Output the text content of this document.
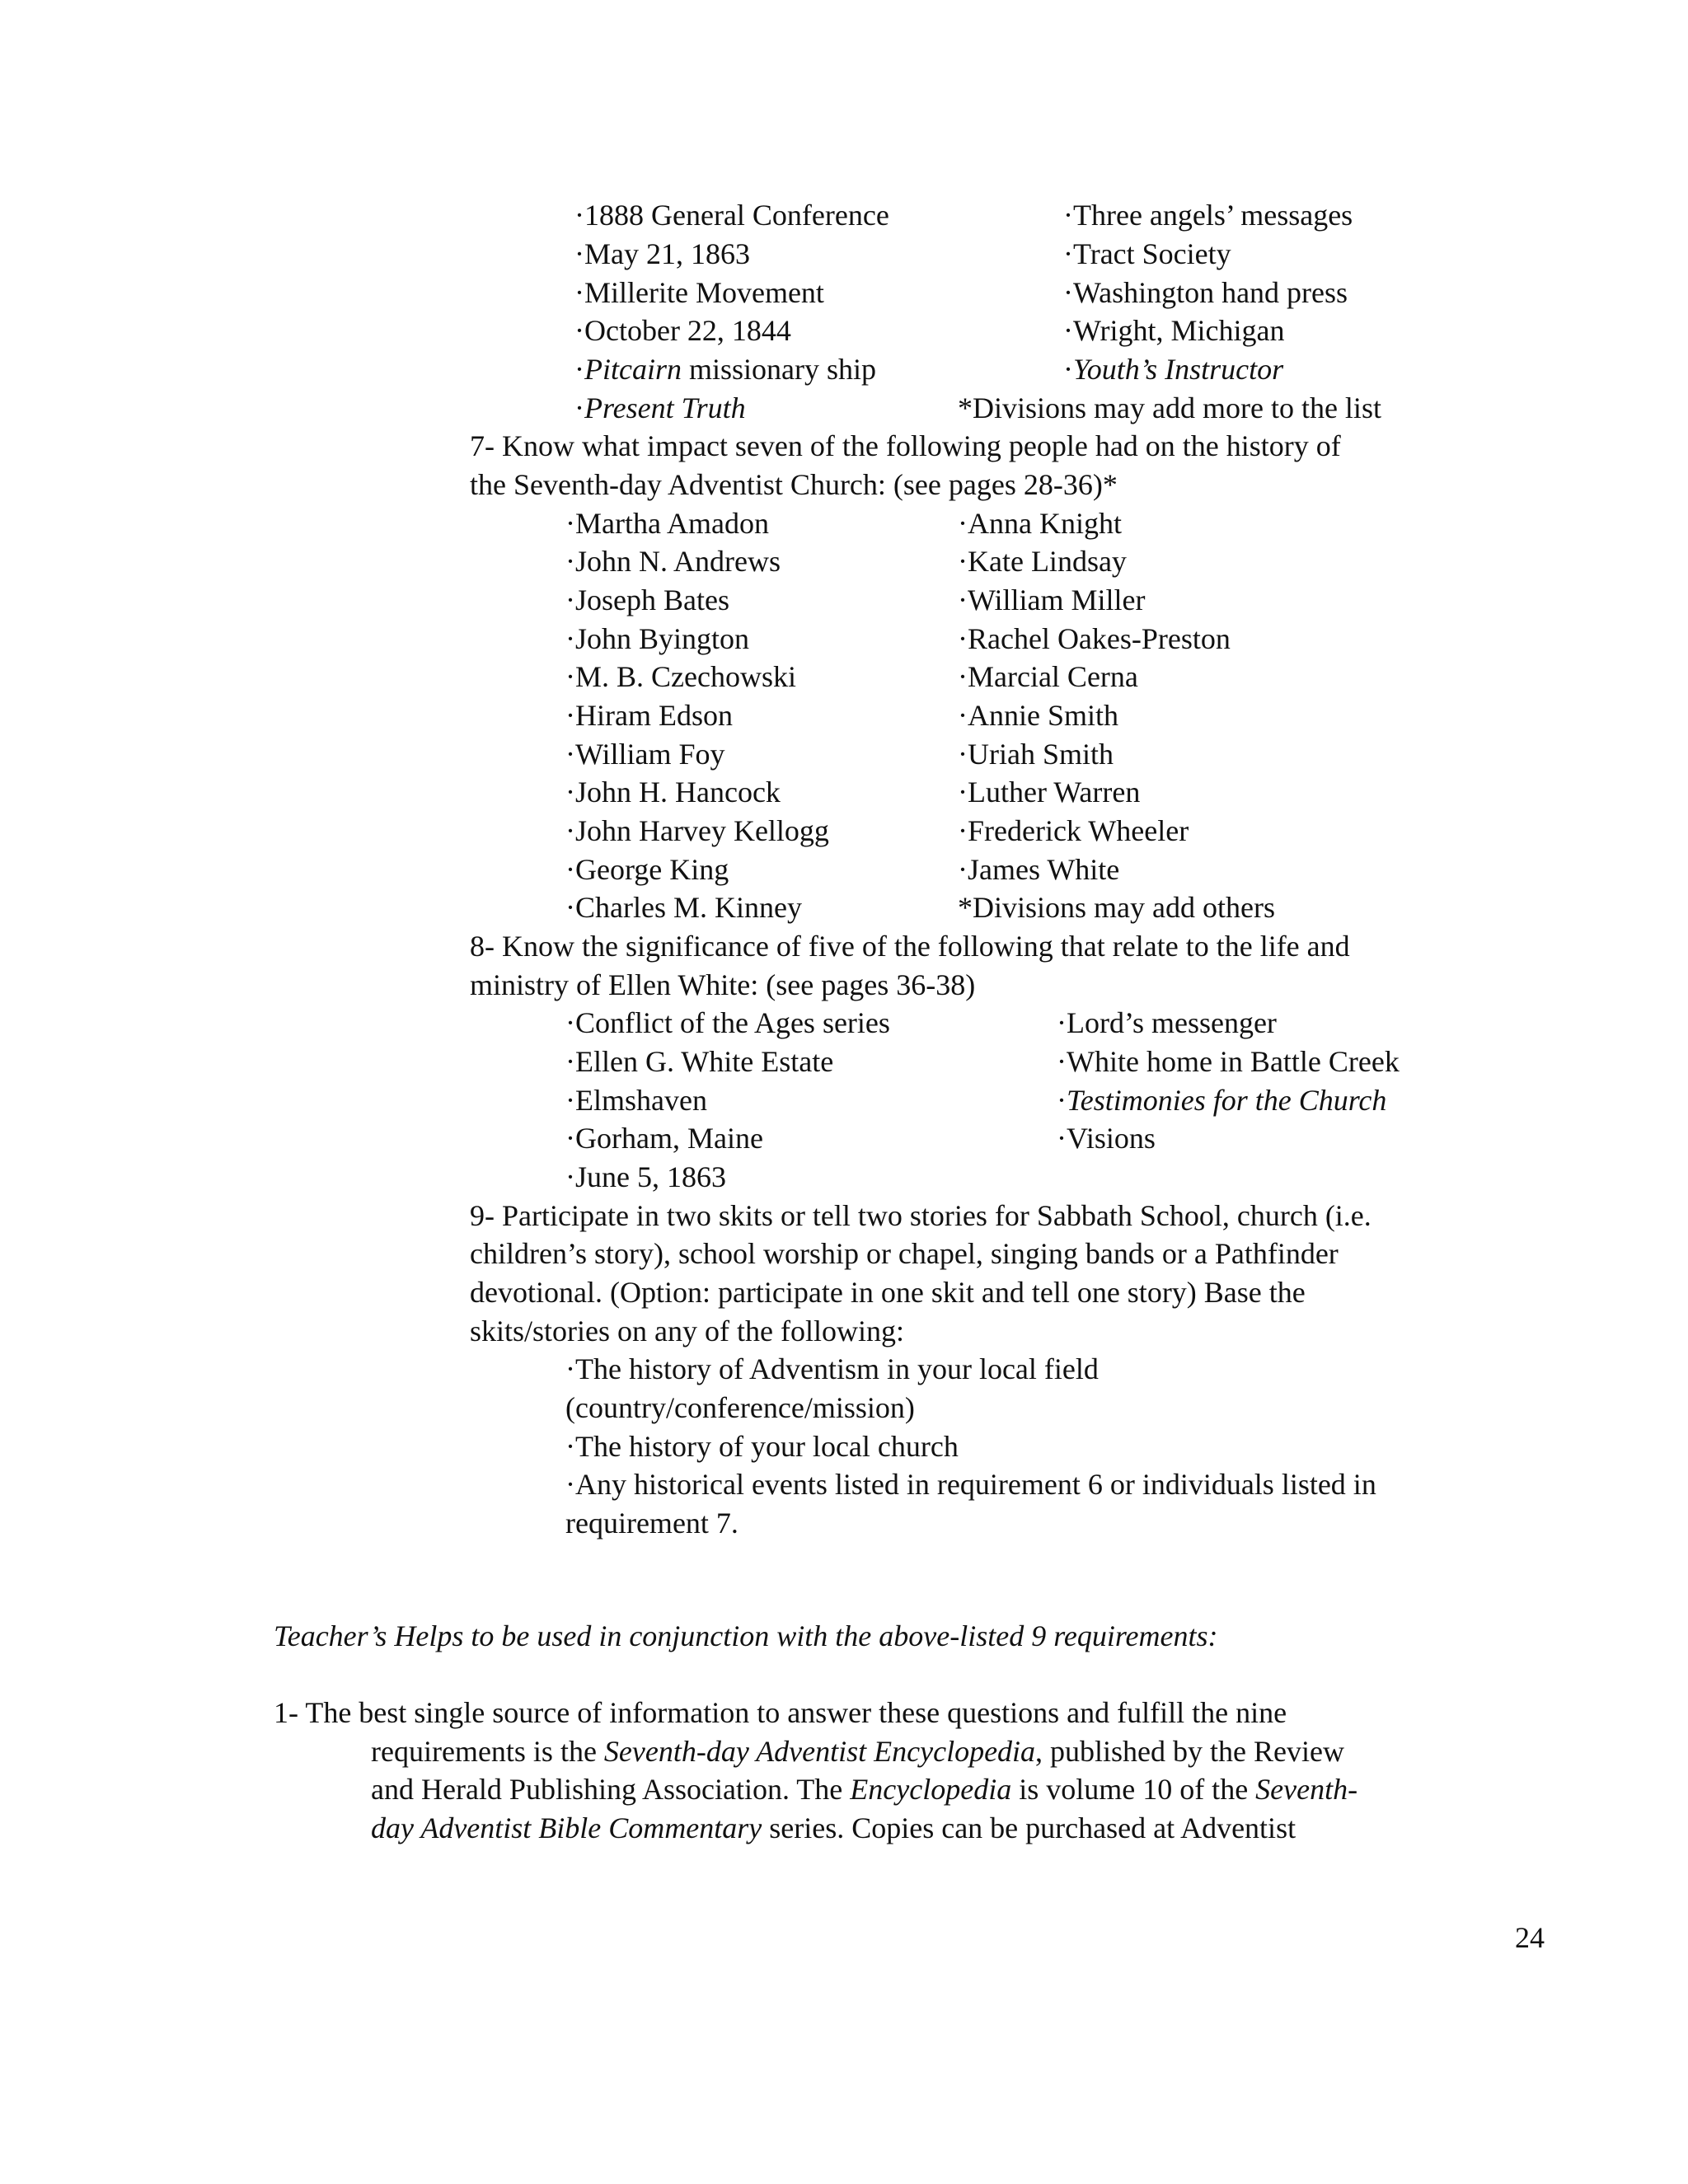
·1888 General Conference
·May 21, 1863
·Millerite Movement
·October 22, 1844
·Pitcairn missionary ship
·Present Truth
·Three angels’ messages
·Tract Society
·Washington hand press
·Wright, Michigan
·Youth’s Instructor
*Divisions may add more to the list
7- Know what impact seven of the following people had on the history of
the Seventh-day Adventist Church: (see pages 28-36)*
·Martha Amadon
·John N. Andrews
·Joseph Bates
·John Byington
·M. B. Czechowski
·Hiram Edson
·William Foy
·John H. Hancock
·John Harvey Kellogg
·George King
·Charles M. Kinney
·Anna Knight
·Kate Lindsay
·William Miller
·Rachel Oakes-Preston
·Marcial Cerna
·Annie Smith
·Uriah Smith
·Luther Warren
·Frederick Wheeler
·James White
*Divisions may add others
8- Know the significance of five of the following that relate to the life and
ministry of Ellen White: (see pages 36-38)
·Conflict of the Ages series
·Ellen G. White Estate
·Elmshaven
·Gorham, Maine
·June 5, 1863
·Lord’s messenger
·White home in Battle Creek
·Testimonies for the Church
·Visions
9- Participate in two skits or tell two stories for Sabbath School, church (i.e.
children’s story), school worship or chapel, singing bands or a Pathfinder
devotional. (Option: participate in one skit and tell one story) Base the
skits/stories on any of the following:
·The history of Adventism in your local field
(country/conference/mission)
·The history of your local church
·Any historical events listed in requirement 6 or individuals listed in
requirement 7.
Teacher’s Helps to be used in conjunction with the above-listed 9 requirements:
1- The best single source of information to answer these questions and fulfill the nine
requirements is the Seventh-day Adventist Encyclopedia, published by the Review
and Herald Publishing Association. The Encyclopedia is volume 10 of the Seventh-
day Adventist Bible Commentary series. Copies can be purchased at Adventist
24
